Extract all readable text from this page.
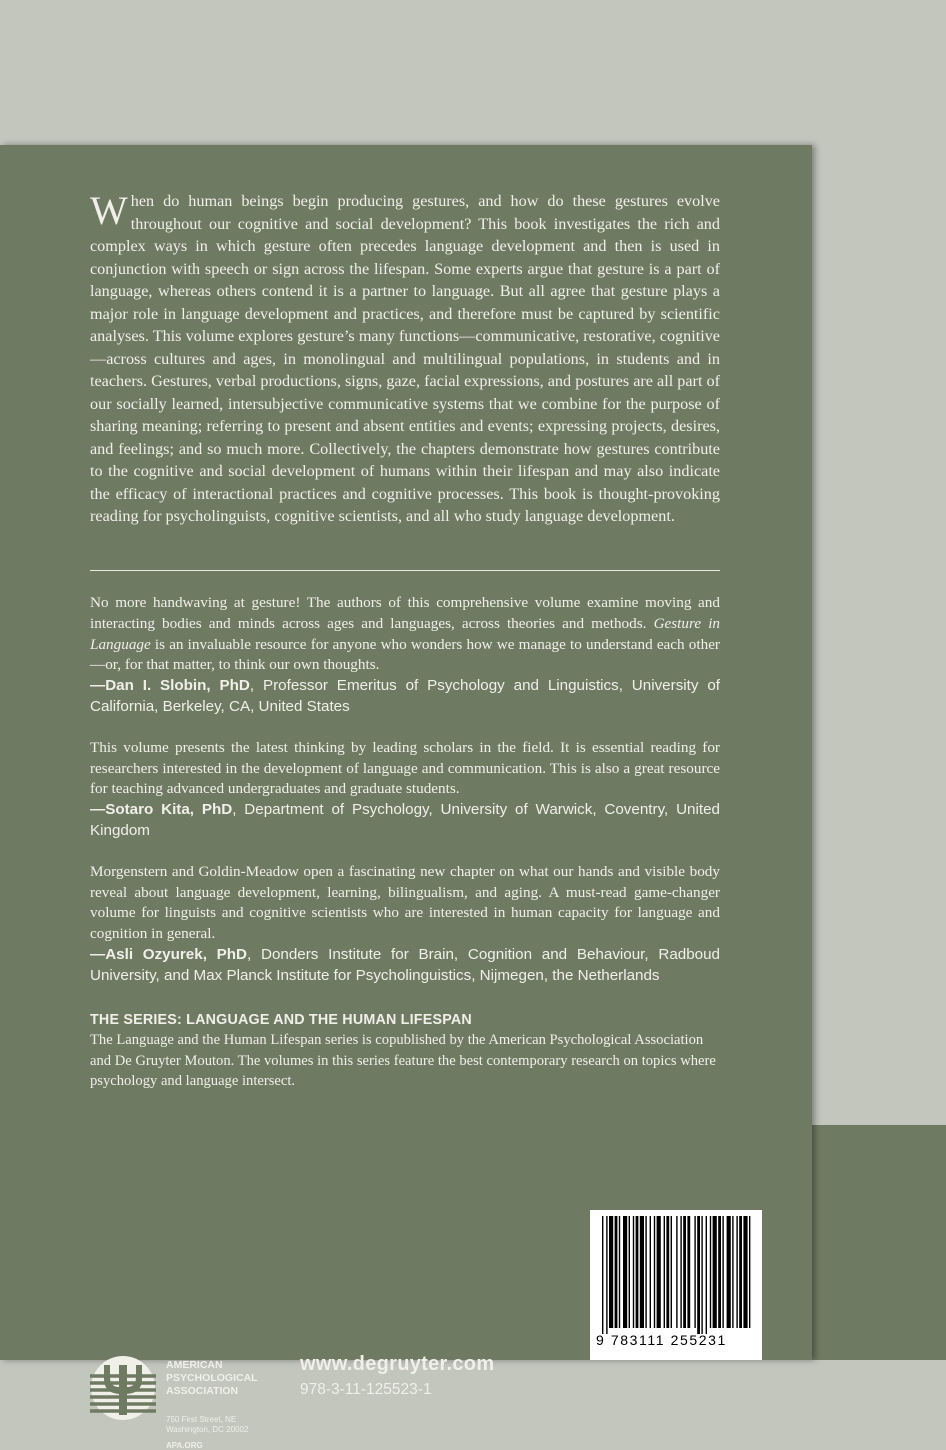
When do human beings begin producing gestures, and how do these gestures evolve throughout our cognitive and social development? This book investigates the rich and complex ways in which gesture often precedes language development and then is used in conjunction with speech or sign across the lifespan. Some experts argue that gesture is a part of language, whereas others contend it is a partner to language. But all agree that gesture plays a major role in language development and practices, and therefore must be captured by scientific analyses. This volume explores gesture’s many functions—communicative, restorative, cognitive—across cultures and ages, in monolingual and multilingual populations, in students and in teachers. Gestures, verbal productions, signs, gaze, facial expressions, and postures are all part of our socially learned, intersubjective communicative systems that we combine for the purpose of sharing meaning; referring to present and absent entities and events; expressing projects, desires, and feelings; and so much more. Collectively, the chapters demonstrate how gestures contribute to the cognitive and social development of humans within their lifespan and may also indicate the efficacy of interactional practices and cognitive processes. This book is thought-provoking reading for psycholinguists, cognitive scientists, and all who study language development.

No more handwaving at gesture! The authors of this comprehensive volume examine moving and interacting bodies and minds across ages and languages, across theories and methods. Gesture in Language is an invaluable resource for anyone who wonders how we manage to understand each other—or, for that matter, to think our own thoughts.

—Dan I. Slobin, PhD, Professor Emeritus of Psychology and Linguistics, University of California, Berkeley, CA, United States

This volume presents the latest thinking by leading scholars in the field. It is essential reading for researchers interested in the development of language and communication. This is also a great resource for teaching advanced undergraduates and graduate students.

—Sotaro Kita, PhD, Department of Psychology, University of Warwick, Coventry, United Kingdom

Morgenstern and Goldin-Meadow open a fascinating new chapter on what our hands and visible body reveal about language development, learning, bilingualism, and aging. A must-read game-changer volume for linguists and cognitive scientists who are interested in human capacity for language and cognition in general.

—Asli Ozyurek, PhD, Donders Institute for Brain, Cognition and Behaviour, Radboud University, and Max Planck Institute for Psycholinguistics, Nijmegen, the Netherlands

THE SERIES: LANGUAGE AND THE HUMAN LIFESPAN

The Language and the Human Lifespan series is copublished by the American Psychological Association and De Gruyter Mouton. The volumes in this series feature the best contemporary research on topics where psychology and language intersect.

AMERICAN
PSYCHOLOGICAL
ASSOCIATION
750 First Street, NE
Washington, DC 20002
APA.ORG
www.degruyter.com
978-3-11-125523-1
9 783111 255231
